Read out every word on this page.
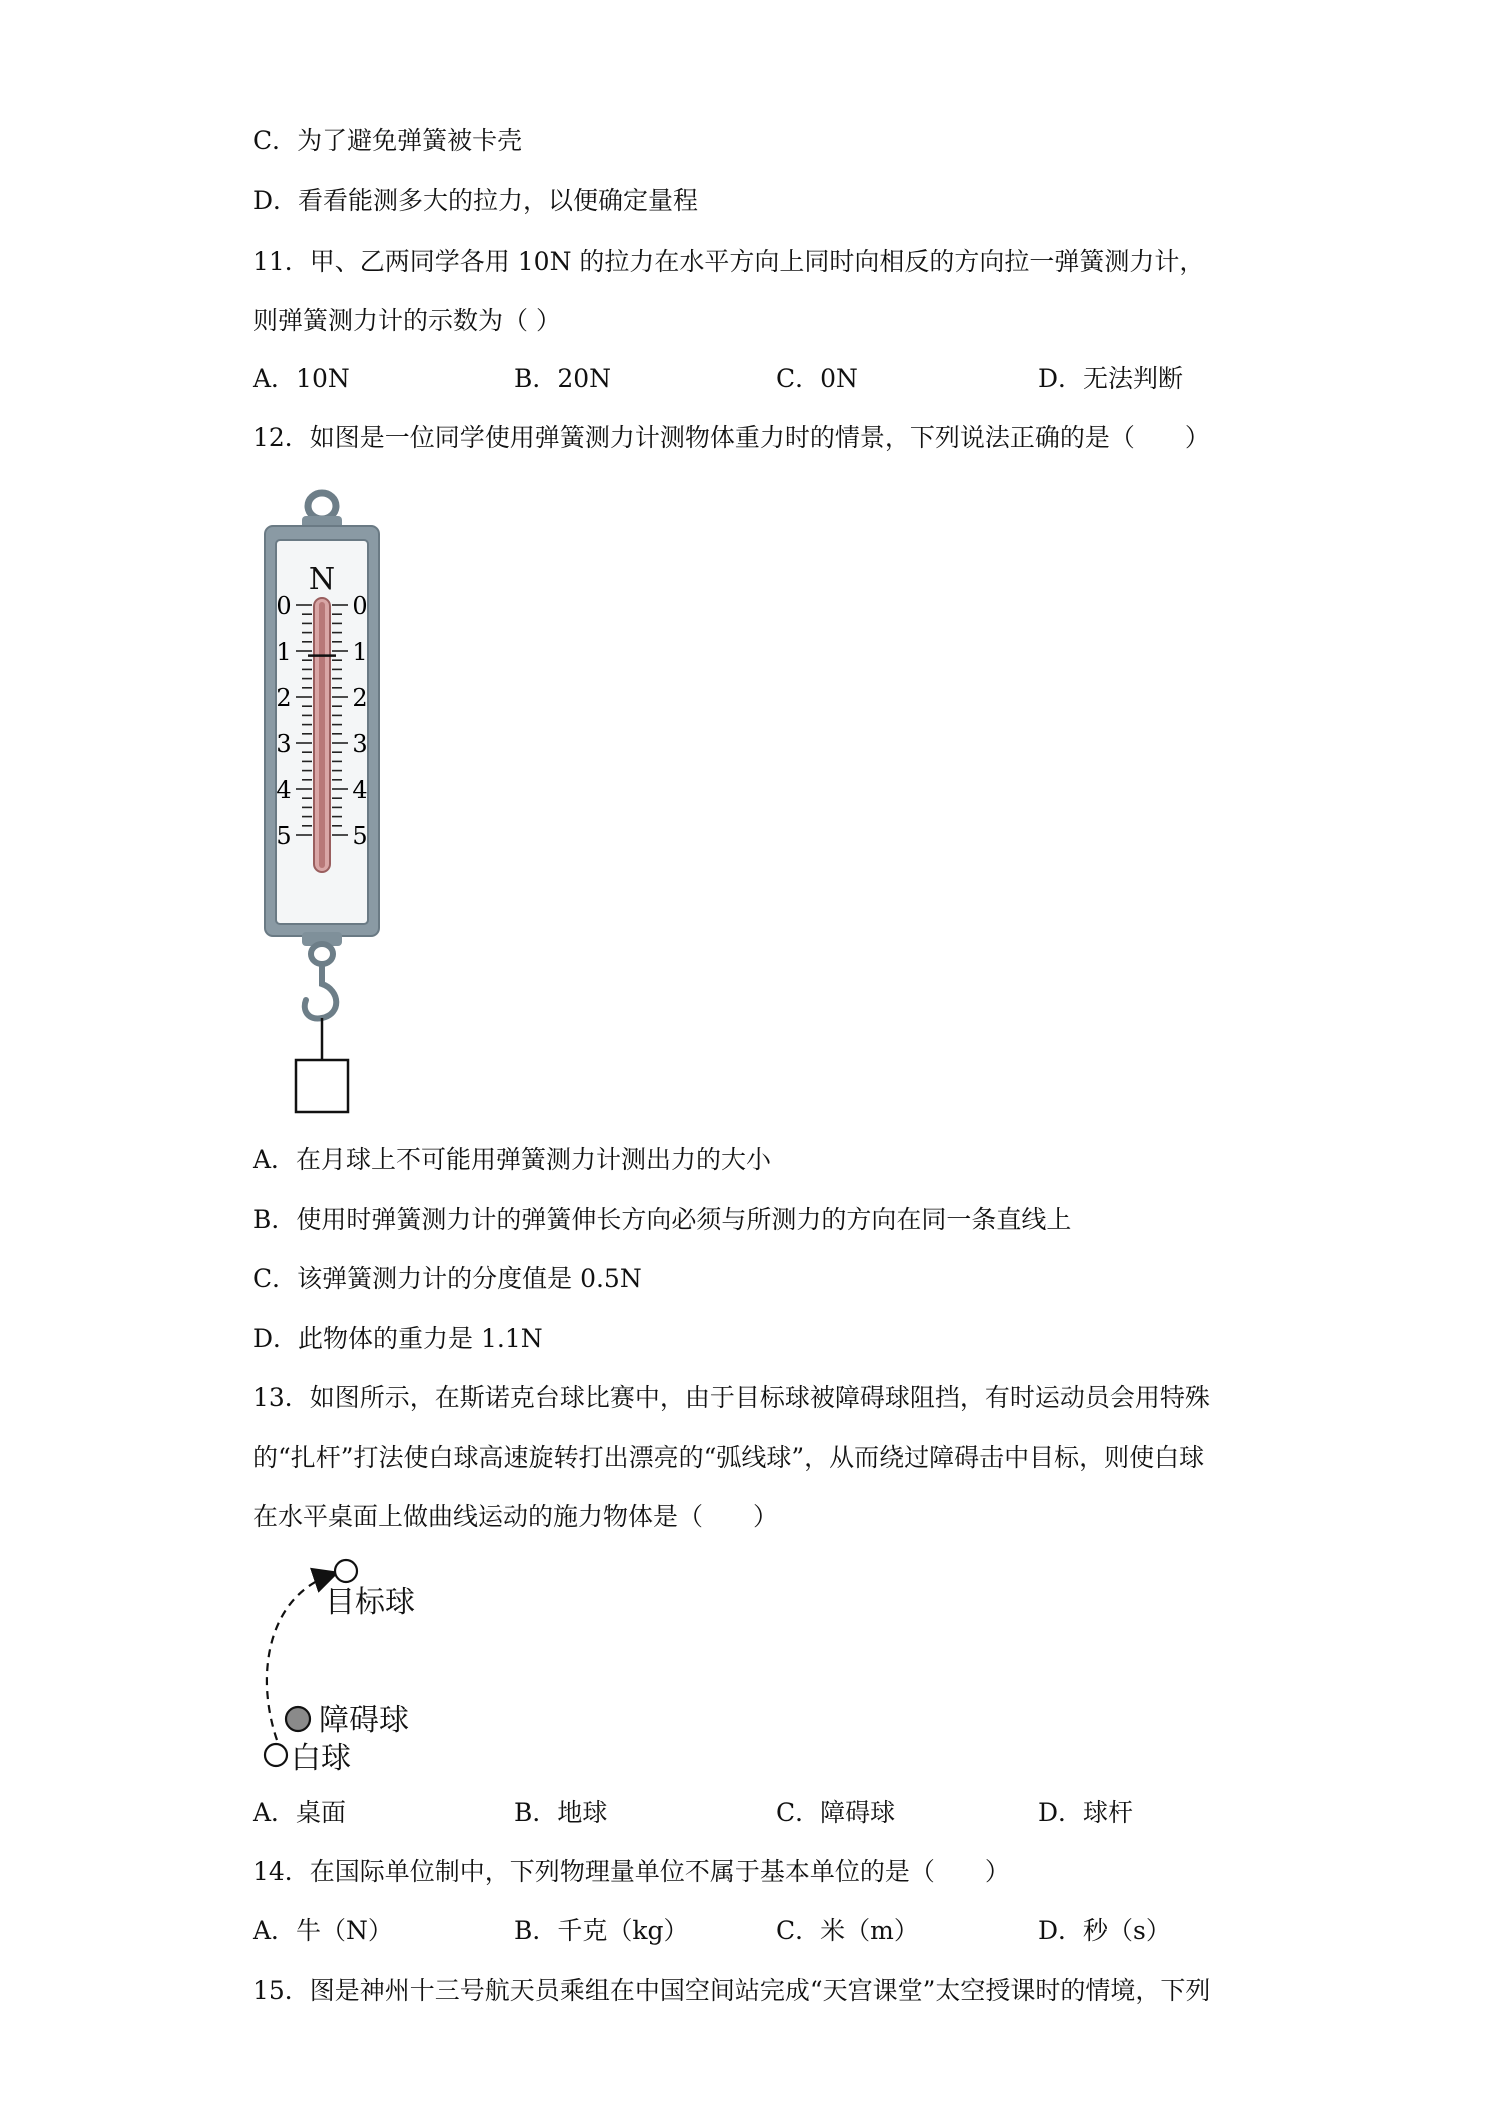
C．为了避免弹簧被卡壳
D．看看能测多大的拉力，以便确定量程
11．甲、乙两同学各用 10N 的拉力在水平方向上同时向相反的方向拉一弹簧测力计，
则弹簧测力计的示数为（ ）
A．10N	B．20N	C．0N	D．无法判断
12．如图是一位同学使用弹簧测力计测物体重力时的情景，下列说法正确的是（　　）
N
0
1
2
3
4
5
0
1
2
3
4
5
A．在月球上不可能用弹簧测力计测出力的大小
B．使用时弹簧测力计的弹簧伸长方向必须与所测力的方向在同一条直线上
C．该弹簧测力计的分度值是 0.5N
D．此物体的重力是 1.1N
13．如图所示，在斯诺克台球比赛中，由于目标球被障碍球阻挡，有时运动员会用特殊
的“扎杆”打法使白球高速旋转打出漂亮的“弧线球”，从而绕过障碍击中目标，则使白球
在水平桌面上做曲线运动的施力物体是（　　）
目标球
障碍球
白球
A．桌面	B．地球	C．障碍球	D．球杆
14．在国际单位制中，下列物理量单位不属于基本单位的是（　　）
A．牛（N）	B．千克（kg）	C．米（m）	D．秒（s）
15．图是神州十三号航天员乘组在中国空间站完成“天宫课堂”太空授课时的情境，下列
